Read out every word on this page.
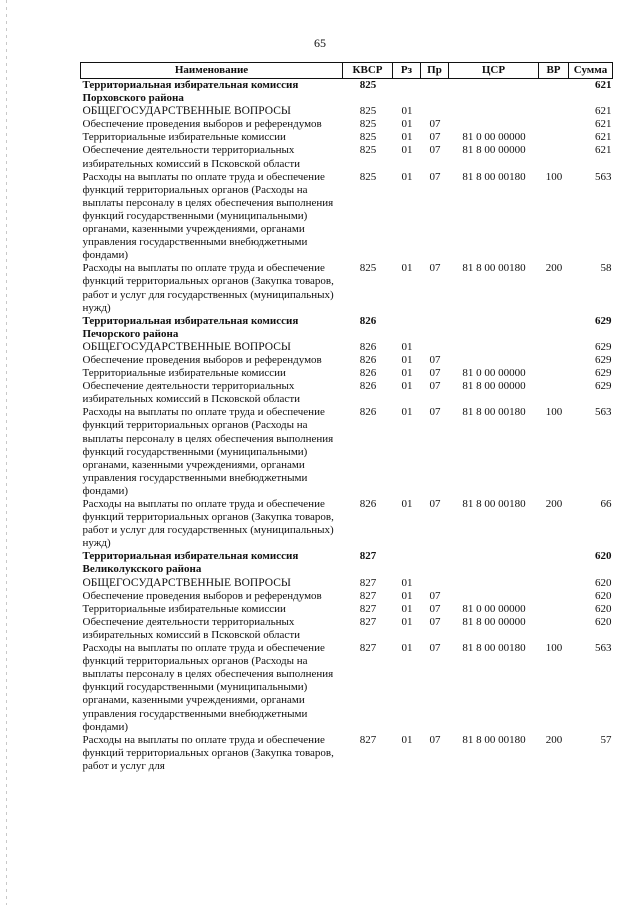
65
Наименование	КВСР	Рз	Пр	ЦСР	ВР	Сумма
Территориальная избирательная комиссия Порховского района	825					621
ОБЩЕГОСУДАРСТВЕННЫЕ ВОПРОСЫ	825	01				621
Обеспечение проведения выборов и референдумов	825	01	07			621
Территориальные избирательные комиссии	825	01	07	81 0 00 00000		621
Обеспечение деятельности территориальных избирательных комиссий в Псковской области	825	01	07	81 8 00 00000		621
Расходы на выплаты по оплате труда и обеспечение функций территориальных органов (Расходы на выплаты персоналу в целях обеспечения выполнения функций государственными (муниципальными) органами, казенными учреждениями, органами управления государственными внебюджетными фондами)	825	01	07	81 8 00 00180	100	563
Расходы на выплаты по оплате труда и обеспечение функций территориальных органов (Закупка товаров, работ и услуг для государственных (муниципальных) нужд)	825	01	07	81 8 00 00180	200	58
Территориальная избирательная комиссия Печорского района	826					629
ОБЩЕГОСУДАРСТВЕННЫЕ ВОПРОСЫ	826	01				629
Обеспечение проведения выборов и референдумов	826	01	07			629
Территориальные избирательные комиссии	826	01	07	81 0 00 00000		629
Обеспечение деятельности территориальных избирательных комиссий в Псковской области	826	01	07	81 8 00 00000		629
Расходы на выплаты по оплате труда и обеспечение функций территориальных органов (Расходы на выплаты персоналу в целях обеспечения выполнения функций государственными (муниципальными) органами, казенными учреждениями, органами управления государственными внебюджетными фондами)	826	01	07	81 8 00 00180	100	563
Расходы на выплаты по оплате труда и обеспечение функций территориальных органов (Закупка товаров, работ и услуг для государственных (муниципальных) нужд)	826	01	07	81 8 00 00180	200	66
Территориальная избирательная комиссия Великолукского района	827					620
ОБЩЕГОСУДАРСТВЕННЫЕ ВОПРОСЫ	827	01				620
Обеспечение проведения выборов и референдумов	827	01	07			620
Территориальные избирательные комиссии	827	01	07	81 0 00 00000		620
Обеспечение деятельности территориальных избирательных комиссий в Псковской области	827	01	07	81 8 00 00000		620
Расходы на выплаты по оплате труда и обеспечение функций территориальных органов (Расходы на выплаты персоналу в целях обеспечения выполнения функций государственными (муниципальными) органами, казенными учреждениями, органами управления государственными внебюджетными фондами)	827	01	07	81 8 00 00180	100	563
Расходы на выплаты по оплате труда и обеспечение функций территориальных органов (Закупка товаров, работ и услуг для	827	01	07	81 8 00 00180	200	57
